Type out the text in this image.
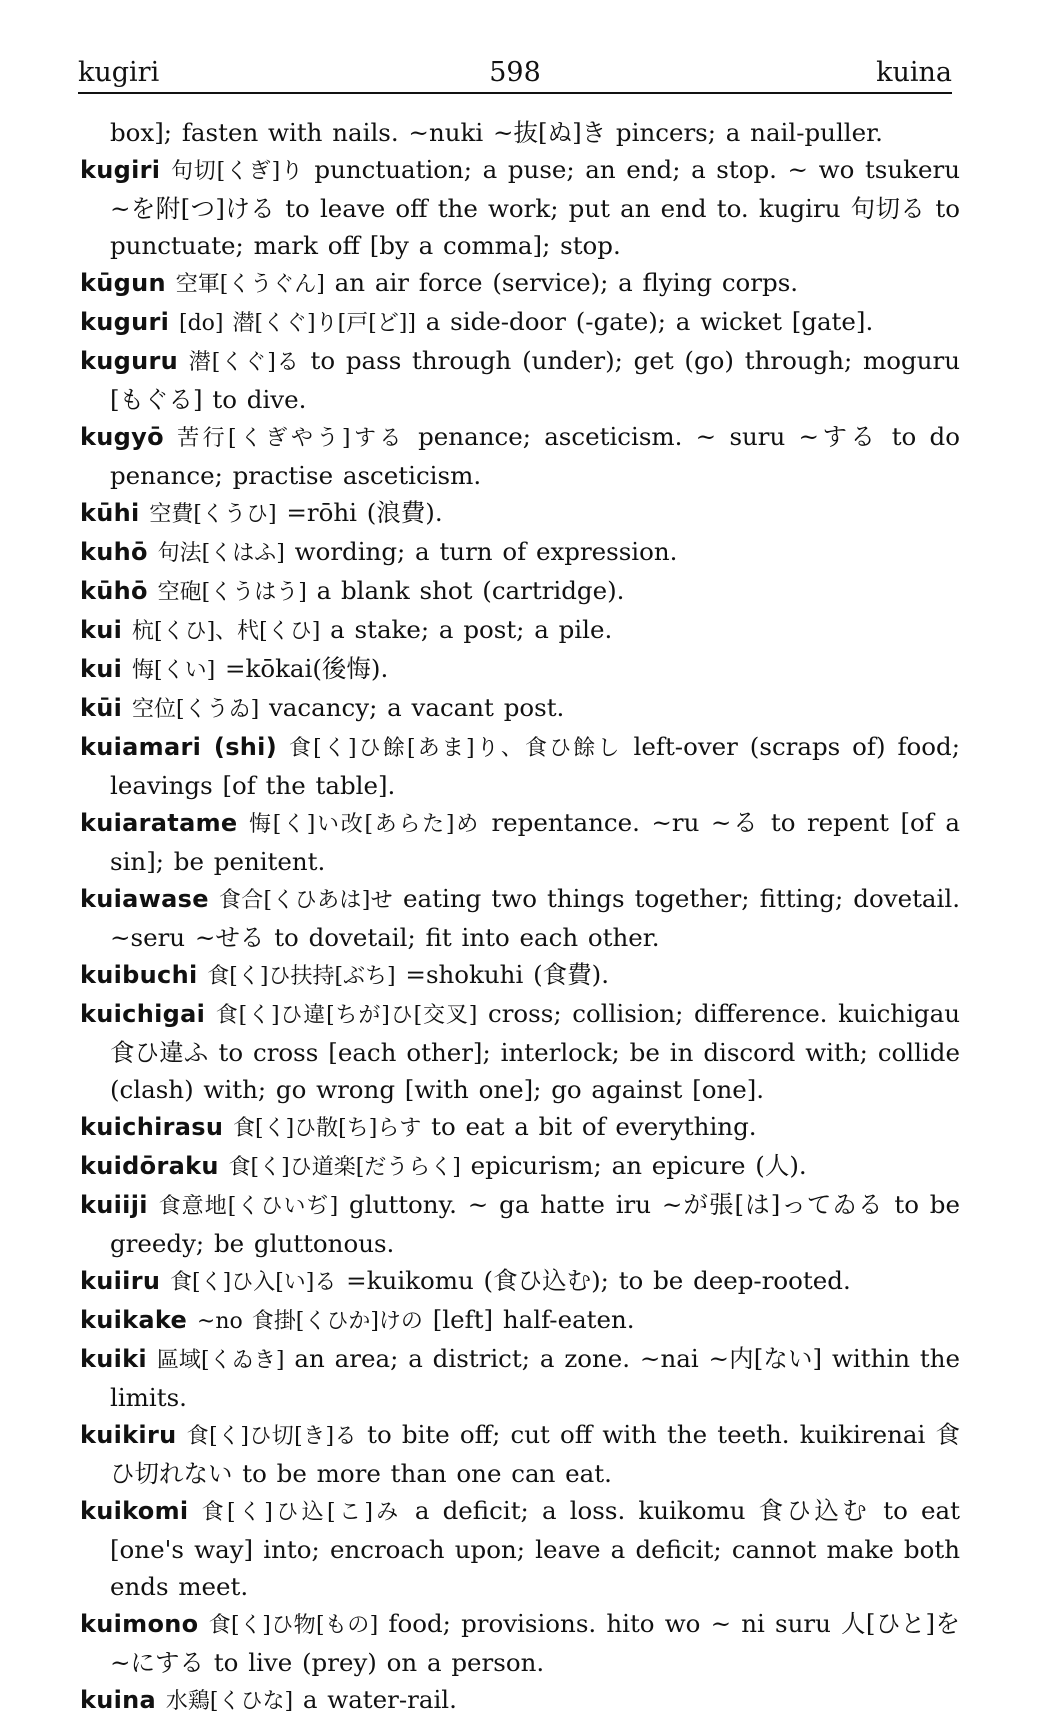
kugiri	598	kuina

box]; fasten with nails. ~nuki ~抜[ぬ]き pincers; a nail-puller.

kugiri 句切[くぎ]り punctuation; a puse; an end; a stop. ~ wo tsukeru ~を附[つ]ける to leave off the work; put an end to. kugiru 句切る to punctuate; mark off [by a comma]; stop.

kūgun 空軍[くうぐん] an air force (service); a flying corps.

kuguri [do] 潜[くぐ]り[戸[ど]] a side-door (-gate); a wicket [gate].

kuguru 潜[くぐ]る to pass through (under); get (go) through; moguru [もぐる] to dive.

kugyō 苦行[くぎやう]する penance; asceticism. ~ suru ~する to do penance; practise asceticism.

kūhi 空費[くうひ] =rōhi (浪費).

kuhō 句法[くはふ] wording; a turn of expression.

kūhō 空砲[くうはう] a blank shot (cartridge).

kui 杭[くひ]、杙[くひ] a stake; a post; a pile.

kui 悔[くい] =kōkai(後悔).

kūi 空位[くうゐ] vacancy; a vacant post.

kuiamari (shi) 食[く]ひ餘[あま]り、食ひ餘し left-over (scraps of) food; leavings [of the table].

kuiaratame 悔[く]い改[あらた]め repentance. ~ru ~る to repent [of a sin]; be penitent.

kuiawase 食合[くひあは]せ eating two things together; fitting; dovetail. ~seru ~せる to dovetail; fit into each other.

kuibuchi 食[く]ひ扶持[ぶち] =shokuhi (食費).

kuichigai 食[く]ひ違[ちが]ひ[交叉] cross; collision; difference. kuichigau 食ひ違ふ to cross [each other]; interlock; be in discord with; collide (clash) with; go wrong [with one]; go against [one].

kuichirasu 食[く]ひ散[ち]らす to eat a bit of everything.

kuidōraku 食[く]ひ道楽[だうらく] epicurism; an epicure (人).

kuiiji 食意地[くひいぢ] gluttony. ~ ga hatte iru ~が張[は]ってゐる to be greedy; be gluttonous.

kuiiru 食[く]ひ入[い]る =kuikomu (食ひ込む); to be deep-rooted.

kuikake ~no 食掛[くひか]けの [left] half-eaten.

kuiki 區域[くゐき] an area; a district; a zone. ~nai ~内[ない] within the limits.

kuikiru 食[く]ひ切[き]る to bite off; cut off with the teeth. kuikirenai 食ひ切れない to be more than one can eat.

kuikomi 食[く]ひ込[こ]み a deficit; a loss. kuikomu 食ひ込む to eat [one's way] into; encroach upon; leave a deficit; cannot make both ends meet.

kuimono 食[く]ひ物[もの] food; provisions. hito wo ~ ni suru 人[ひと]を~にする to live (prey) on a person.

kuina 水鶏[くひな] a water-rail.
